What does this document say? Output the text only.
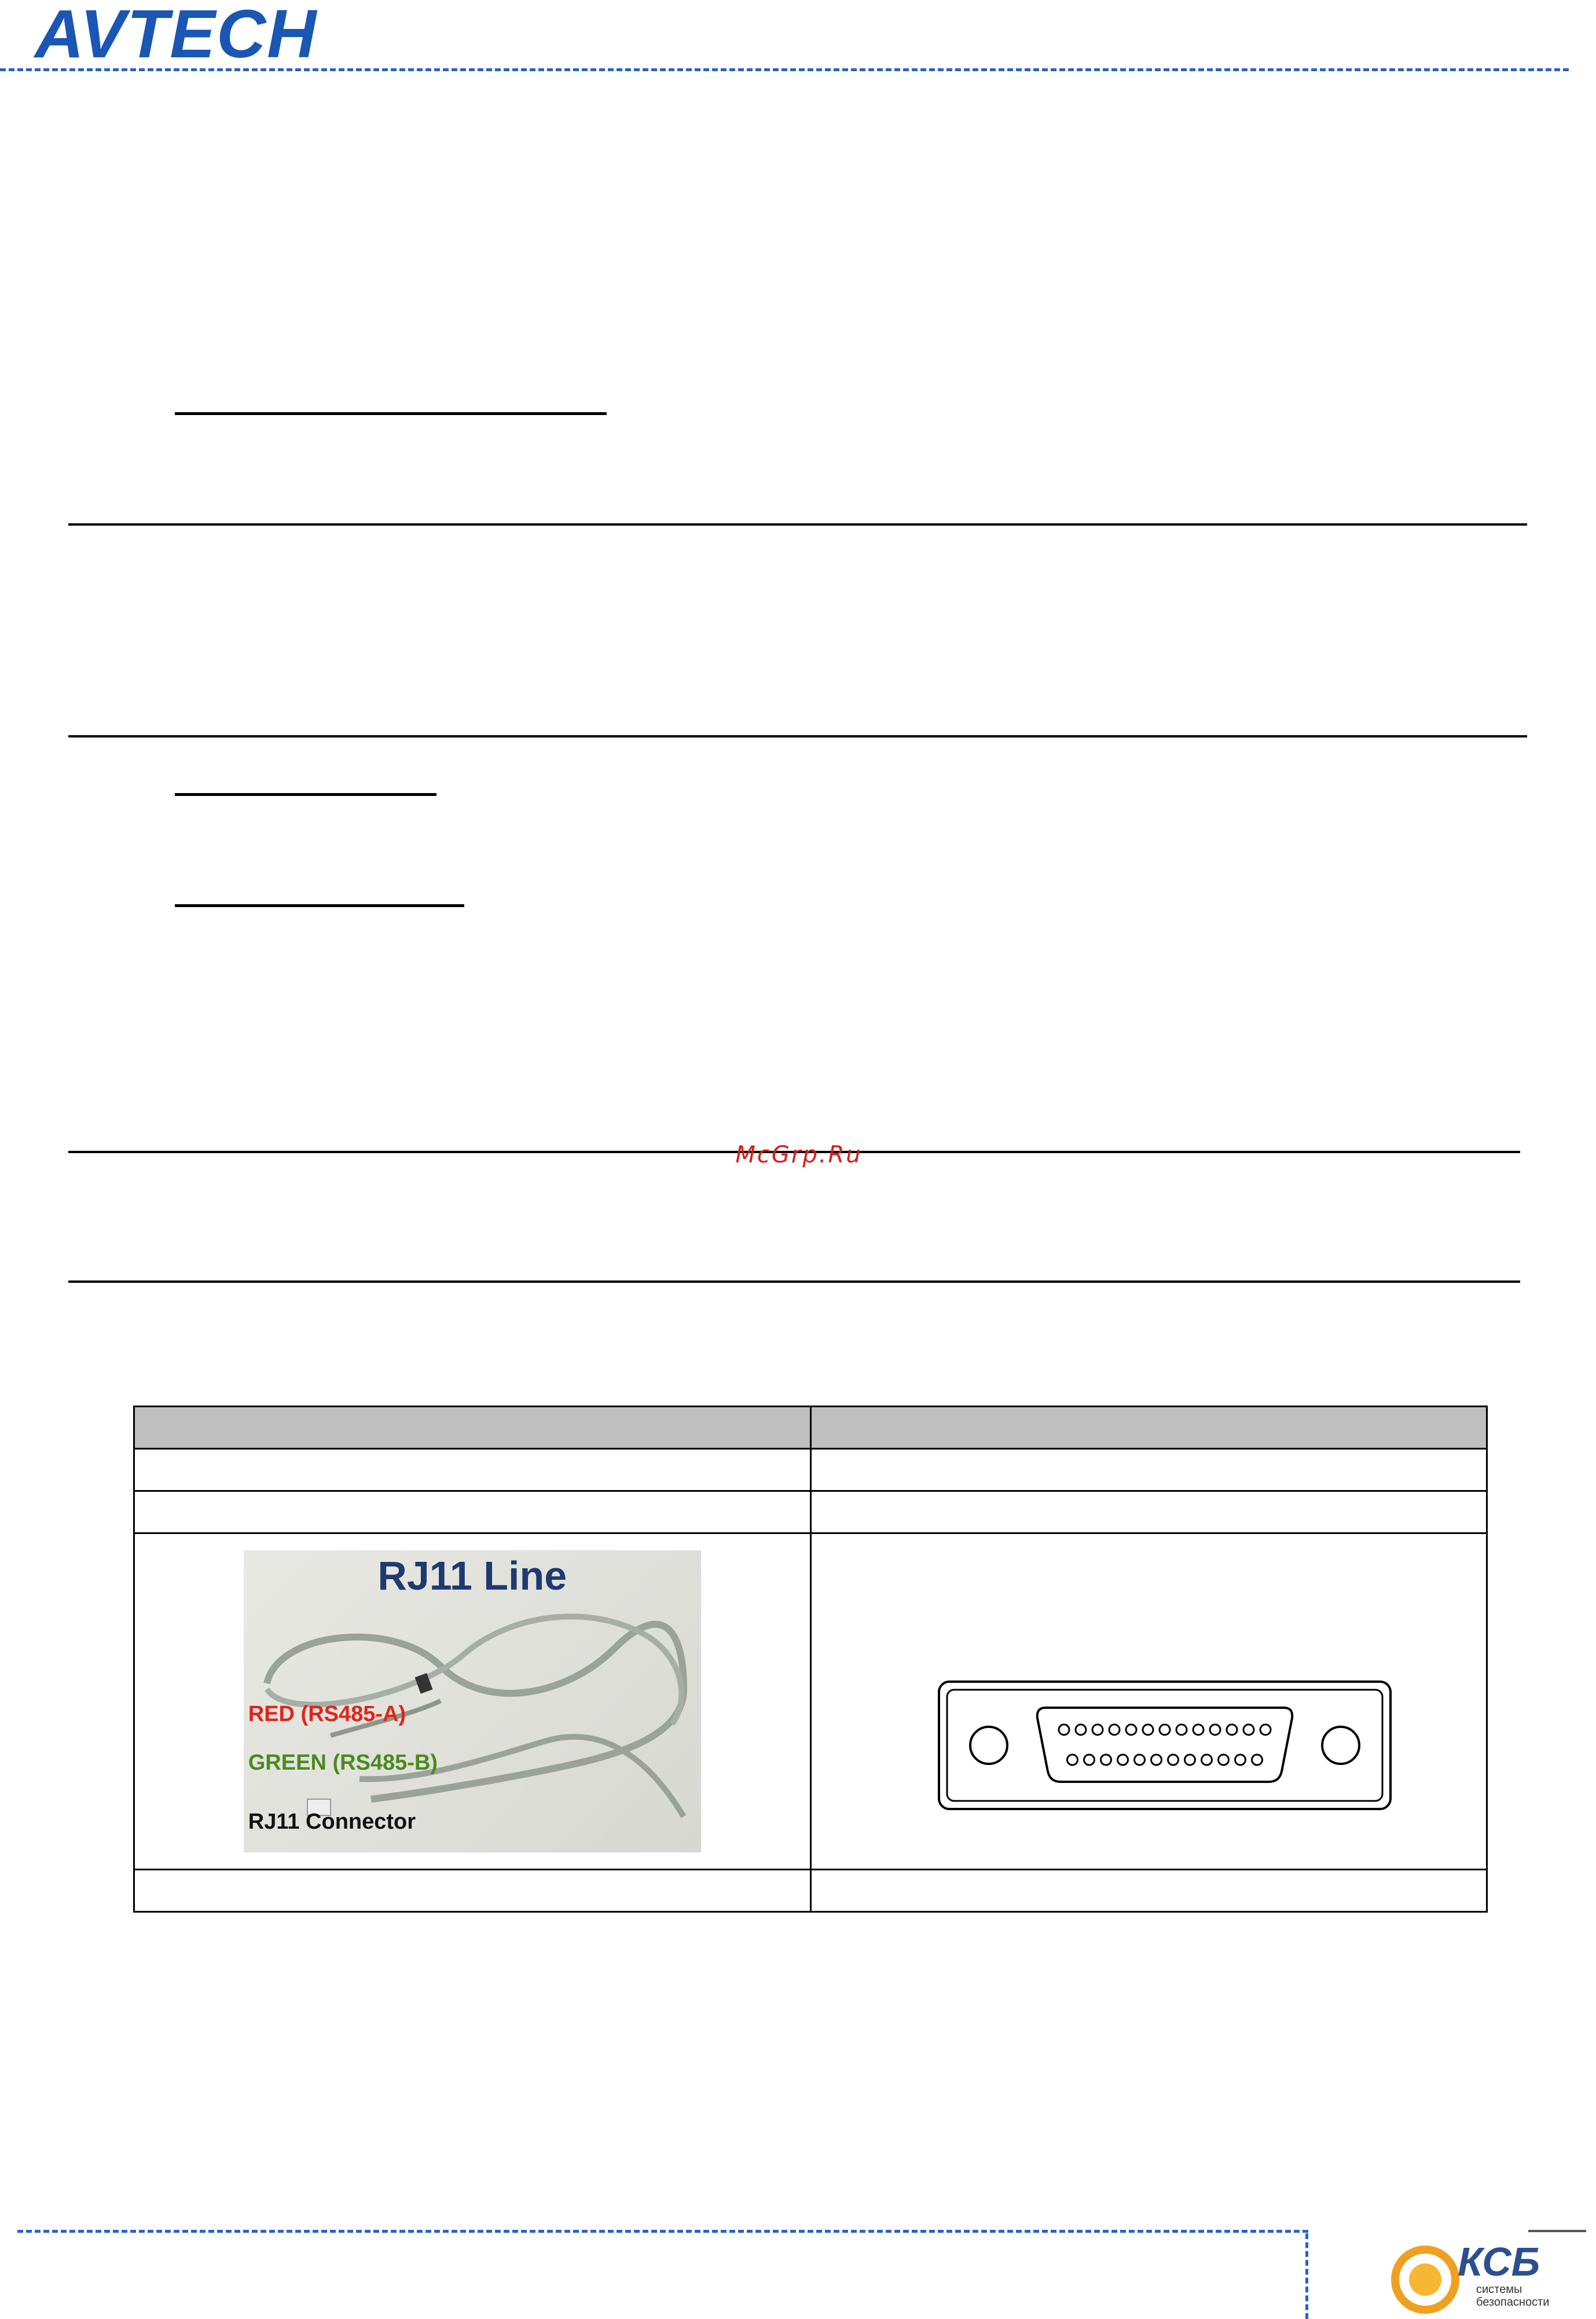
AVTECH
McGrp.Ru

RJ11 Line
RED (RS485-A)
GREEN (RS485-B)
RJ11 Connector

КСБ
системы
безопасности
